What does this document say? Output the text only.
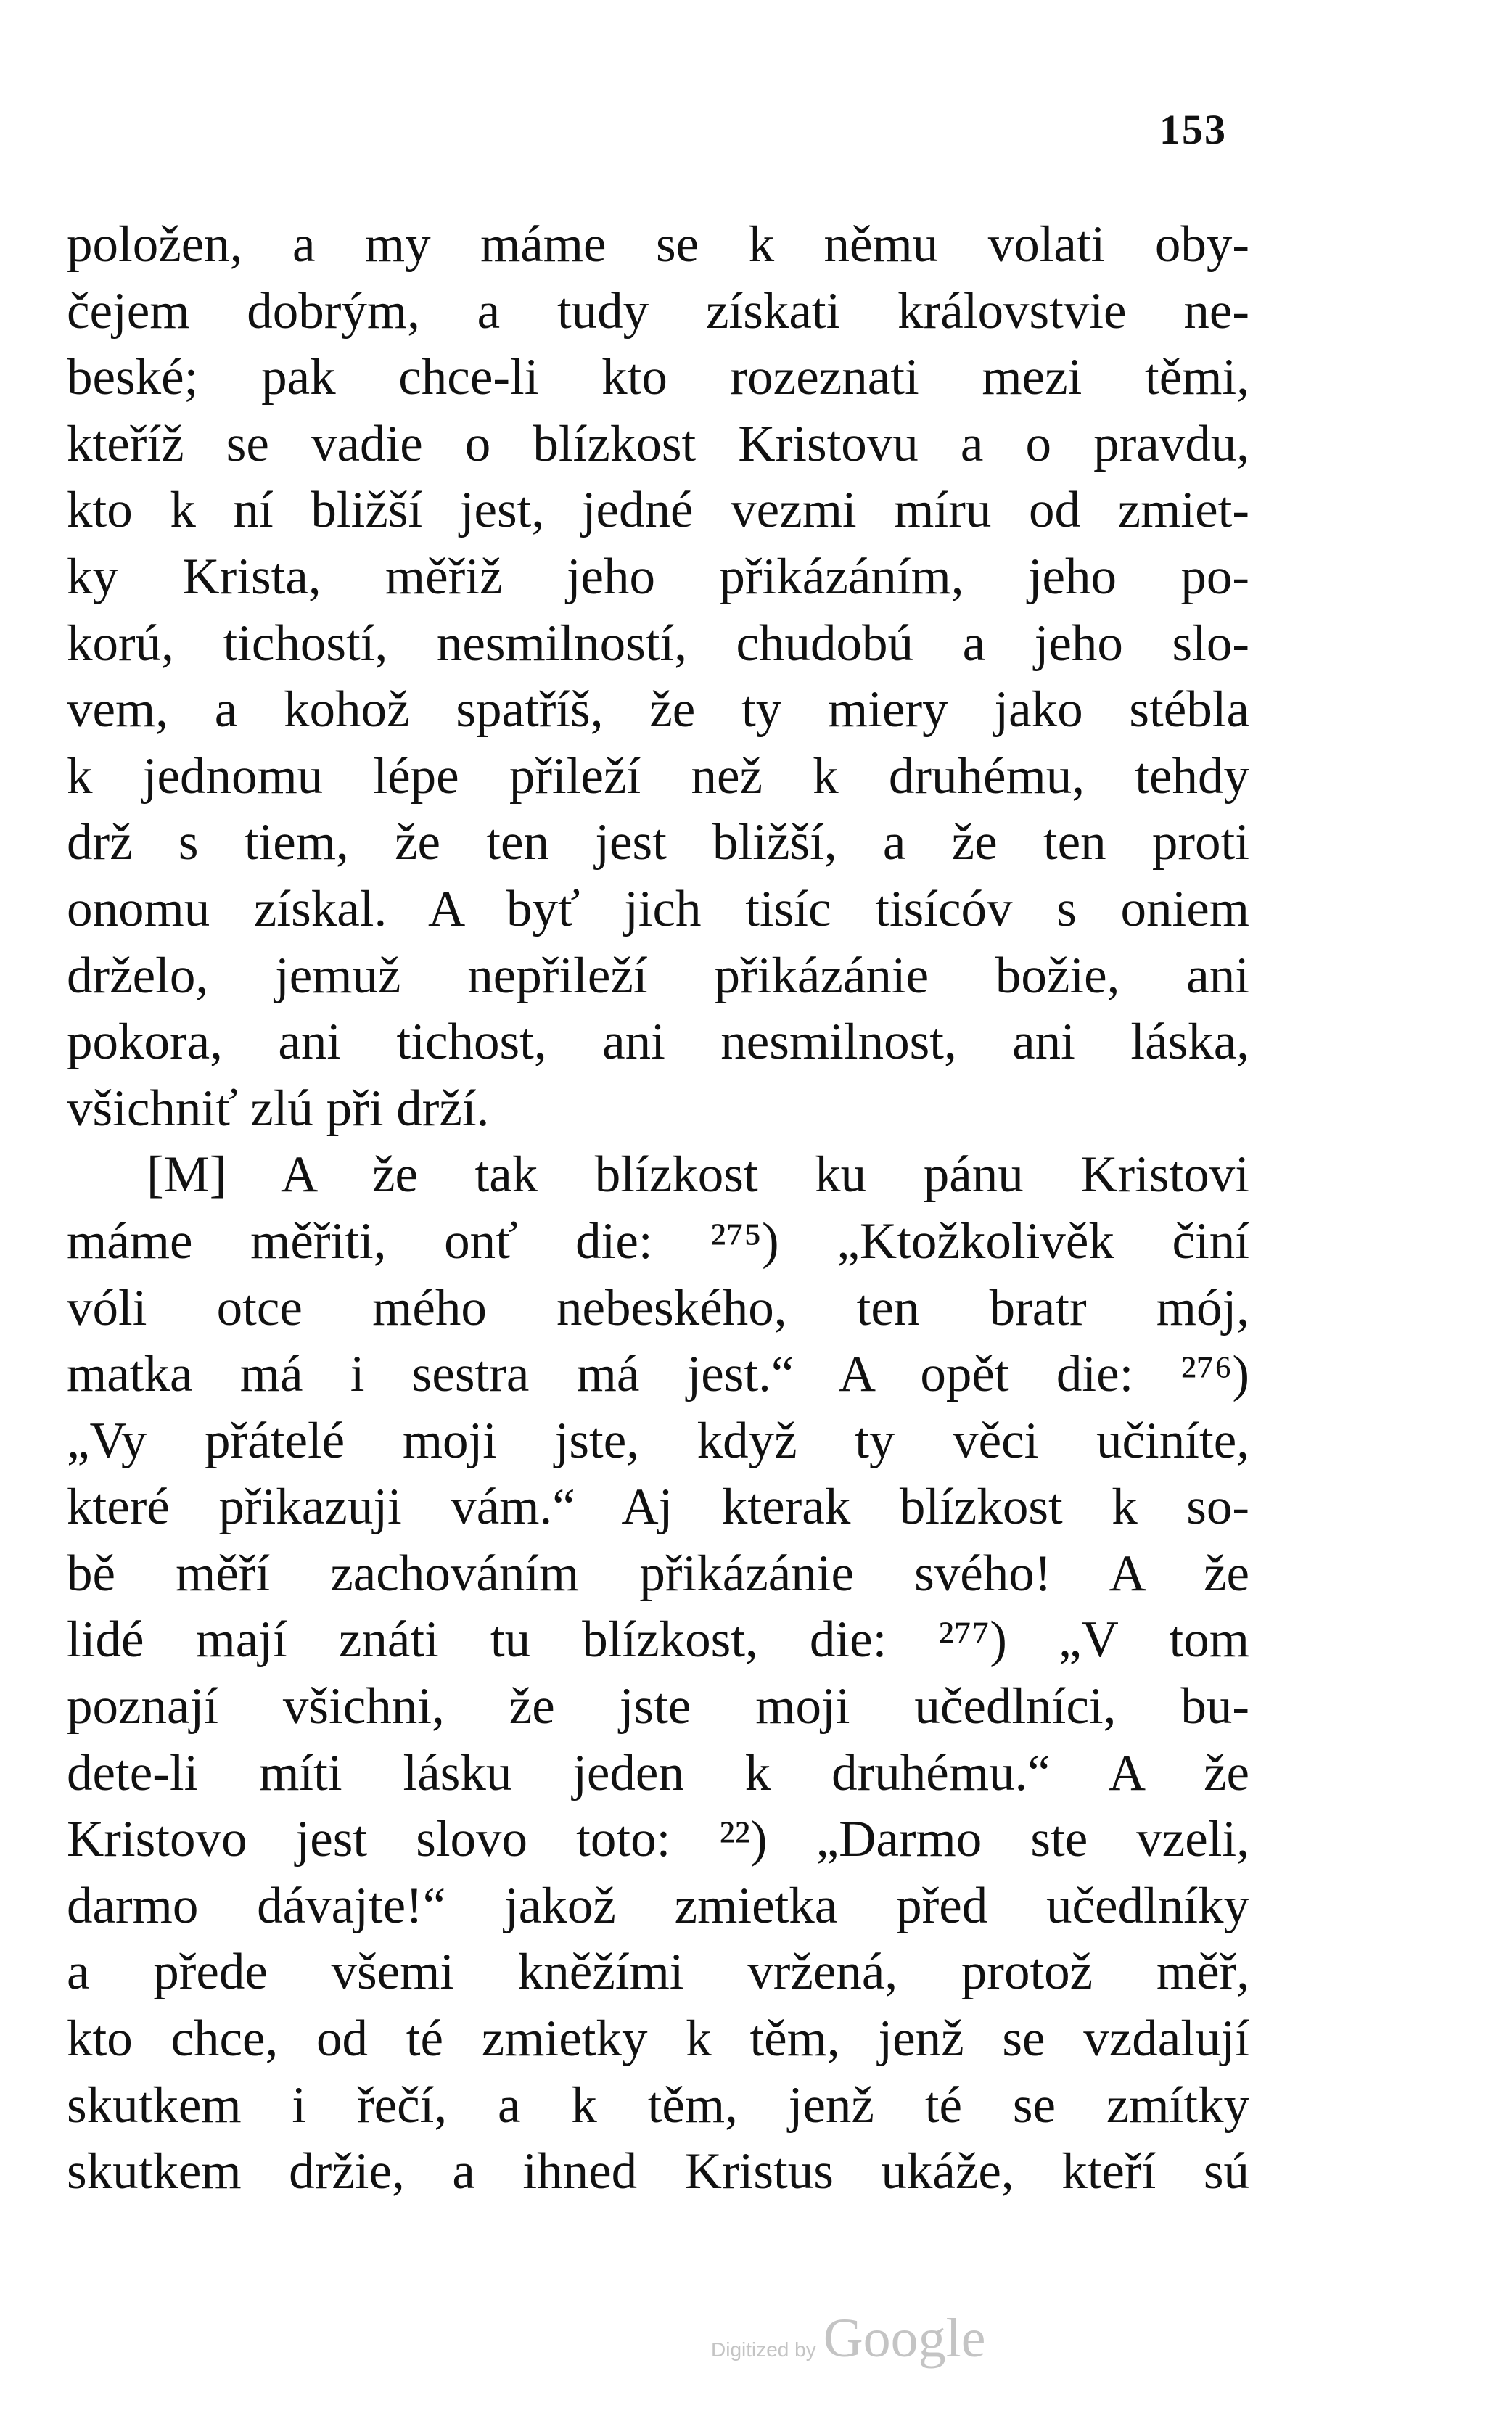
153
položen, a my máme se k němu volati oby-
čejem dobrým, a tudy získati královstvie ne-
beské; pak chce-li kto rozeznati mezi těmi,
kteříž se vadie o blízkost Kristovu a o pravdu,
kto k ní bližší jest, jedné vezmi míru od zmiet-
ky Krista, měřiž jeho přikázáním, jeho po-
korú, tichostí, nesmilností, chudobú a jeho slo-
vem, a kohož spatříš, že ty miery jako stébla
k jednomu lépe přileží než k druhému, tehdy
drž s tiem, že ten jest bližší, a že ten proti
onomu získal. A byť jich tisíc tisícóv s oniem
drželo, jemuž nepřileží přikázánie božie, ani
pokora, ani tichost, ani nesmilnost, ani láska,
všichniť zlú při drží.
[M] A že tak blízkost ku pánu Kristovi
máme měřiti, onť die: ²⁷⁵) „Ktožkolivěk činí
vóli otce mého nebeského, ten bratr mój,
matka má i sestra má jest.“ A opět die: ²⁷⁶)
„Vy přátelé moji jste, když ty věci učiníte,
které přikazuji vám.“ Aj kterak blízkost k so-
bě měří zachováním přikázánie svého! A že
lidé mají znáti tu blízkost, die: ²⁷⁷) „V tom
poznají všichni, že jste moji učedlníci, bu-
dete-li míti lásku jeden k druhému.“ A že
Kristovo jest slovo toto: ²²) „Darmo ste vzeli,
darmo dávajte!“ jakož zmietka před učedlníky
a přede všemi kněžími vržená, protož měř,
kto chce, od té zmietky k těm, jenž se vzdalují
skutkem i řečí, a k těm, jenž té se zmítky
skutkem držie, a ihned Kristus ukáže, kteří sú
Digitized by Google
